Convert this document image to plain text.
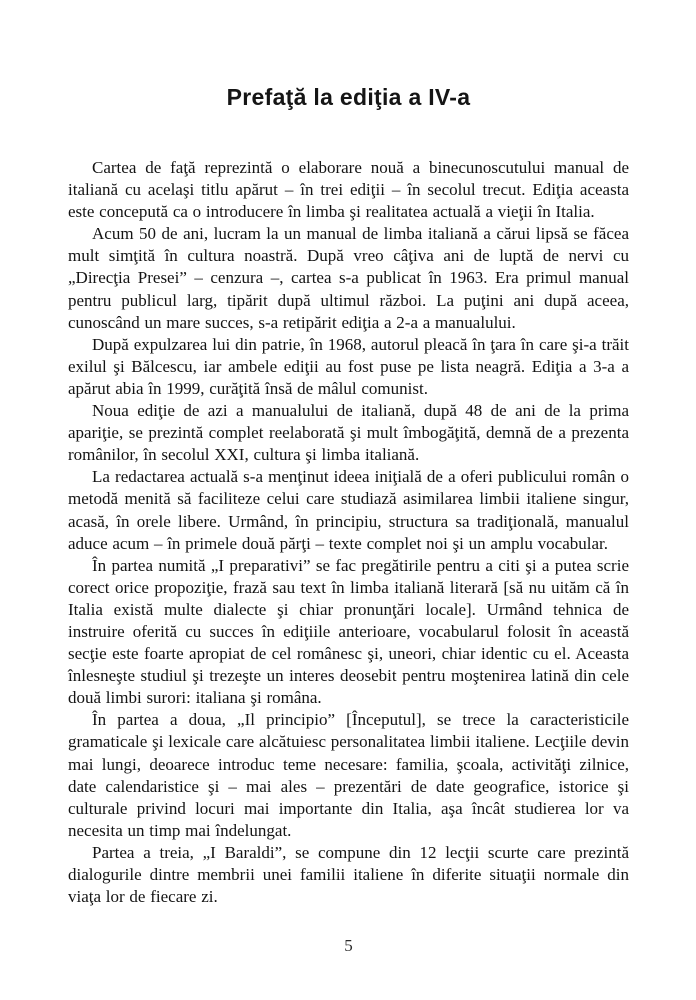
Prefaţă la ediţia a IV-a

Cartea de faţă reprezintă o elaborare nouă a binecunoscutului manual de italiană cu acelaşi titlu apărut – în trei ediţii – în secolul trecut. Ediţia aceasta este concepută ca o introducere în limba şi realitatea actuală a vieţii în Italia.

Acum 50 de ani, lucram la un manual de limba italiană a cărui lipsă se făcea mult simţită în cultura noastră. După vreo câţiva ani de luptă de nervi cu „Direcţia Presei” – cenzura –, cartea s-a publicat în 1963. Era primul manual pentru publicul larg, tipărit după ultimul război. La puţini ani după aceea, cunoscând un mare succes, s-a retipărit ediţia a 2-a a manualului.

După expulzarea lui din patrie, în 1968, autorul pleacă în ţara în care şi-a trăit exilul şi Bălcescu, iar ambele ediţii au fost puse pe lista neagră. Ediţia a 3-a a apărut abia în 1999, curăţită însă de mâlul comunist.

Noua ediţie de azi a manualului de italiană, după 48 de ani de la prima apariţie, se prezintă complet reelaborată şi mult îmbogăţită, demnă de a prezenta românilor, în secolul XXI, cultura şi limba italiană.

La redactarea actuală s-a menţinut ideea iniţială de a oferi publicului român o metodă menită să faciliteze celui care studiază asimilarea limbii italiene singur, acasă, în orele libere. Urmând, în principiu, structura sa tradiţională, manualul aduce acum – în primele două părţi – texte complet noi şi un amplu vocabular.

În partea numită „I preparativi” se fac pregătirile pentru a citi şi a putea scrie corect orice propoziţie, frază sau text în limba italiană literară [să nu uităm că în Italia există multe dialecte şi chiar pronunţări locale]. Urmând tehnica de instruire oferită cu succes în ediţiile anterioare, vocabularul folosit în această secţie este foarte apropiat de cel românesc şi, uneori, chiar identic cu el. Aceasta înlesneşte studiul şi trezeşte un interes deosebit pentru moştenirea latină din cele două limbi surori: italiana şi româna.

În partea a doua, „Il principio” [Începutul], se trece la caracteristicile gramaticale şi lexicale care alcătuiesc personalitatea limbii italiene. Lecţiile devin mai lungi, deoarece introduc teme necesare: familia, şcoala, activităţi zilnice, date calendaristice şi – mai ales – prezentări de date geografice, istorice şi culturale privind locuri mai importante din Italia, aşa încât studierea lor va necesita un timp mai îndelungat.

Partea a treia, „I Baraldi”, se compune din 12 lecţii scurte care prezintă dialogurile dintre membrii unei familii italiene în diferite situaţii normale din viaţa lor de fiecare zi.

5
